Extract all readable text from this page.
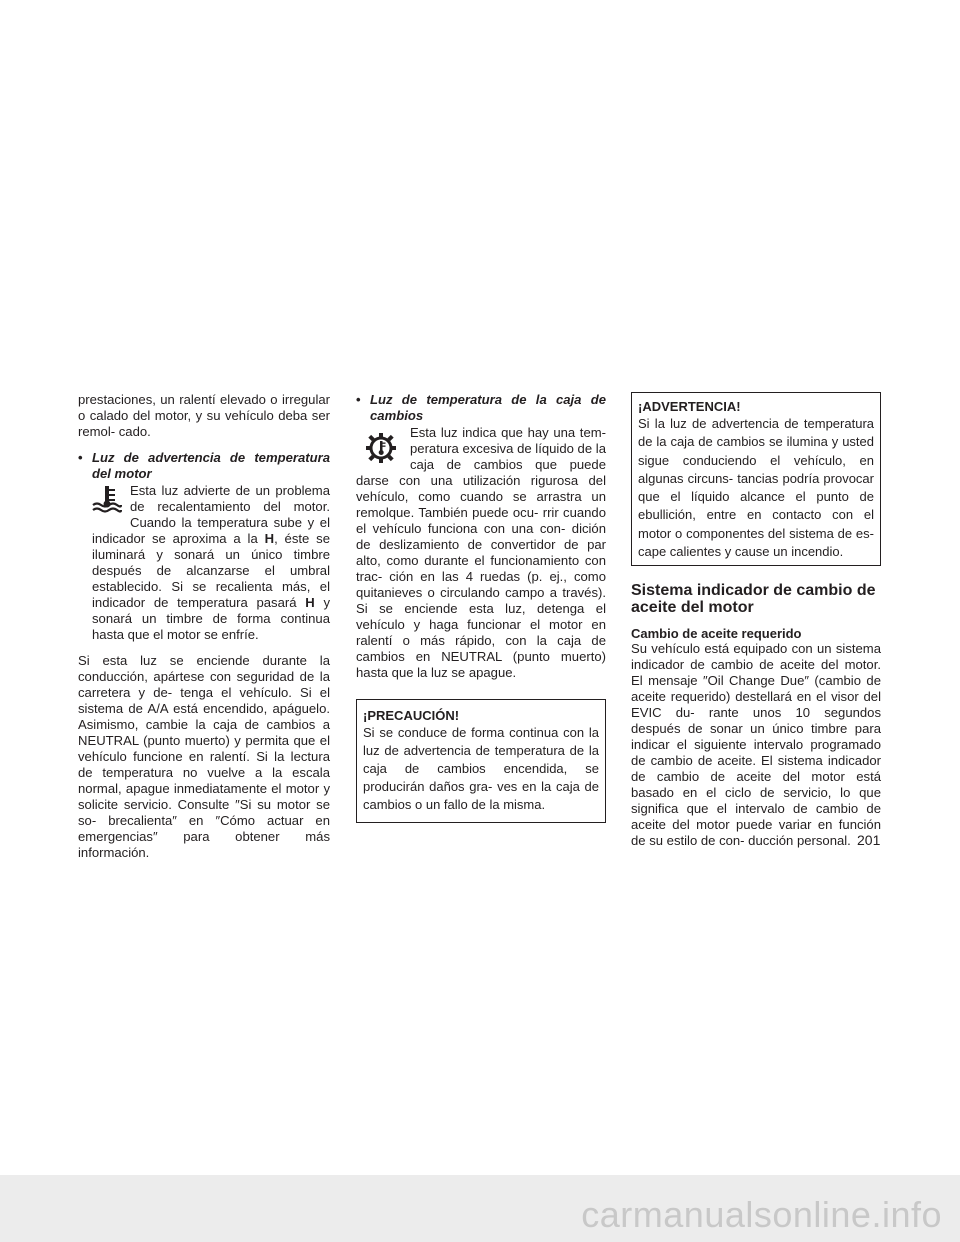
prestaciones, un ralentí elevado o irregular o calado del motor, y su vehículo deba ser remol- cado.

• Luz de advertencia de temperatura del motor

Esta luz advierte de un problema de recalentamiento del motor. Cuando la temperatura sube y el indicador se aproxima a la H, éste se iluminará y sonará un único timbre después de alcanzarse el umbral establecido. Si se recalienta más, el indicador de temperatura pasará H y sonará un timbre de forma continua hasta que el motor se enfríe.

Si esta luz se enciende durante la conducción, apártese con seguridad de la carretera y de- tenga el vehículo. Si el sistema de A/A está encendido, apáguelo. Asimismo, cambie la caja de cambios a NEUTRAL (punto muerto) y permita que el vehículo funcione en ralentí. Si la lectura de temperatura no vuelve a la escala normal, apague inmediatamente el motor y solicite servicio. Consulte ″Si su motor se so- brecalienta″ en ″Cómo actuar en emergencias″ para obtener más información.

• Luz de temperatura de la caja de cambios

Esta luz indica que hay una tem- peratura excesiva de líquido de la caja de cambios que puede darse con una utilización rigurosa del vehículo, como cuando se arrastra un remolque. También puede ocu- rrir cuando el vehículo funciona con una con- dición de deslizamiento de convertidor de par alto, como durante el funcionamiento con trac- ción en las 4 ruedas (p. ej., como quitanieves o circulando campo a través). Si se enciende esta luz, detenga el vehículo y haga funcionar el motor en ralentí o más rápido, con la caja de cambios en NEUTRAL (punto muerto) hasta que la luz se apague.

¡PRECAUCIÓN!
Si se conduce de forma continua con la luz de advertencia de temperatura de la caja de cambios encendida, se producirán daños gra- ves en la caja de cambios o un fallo de la misma.
¡ADVERTENCIA!
Si la luz de advertencia de temperatura de la caja de cambios se ilumina y usted sigue conduciendo el vehículo, en algunas circuns- tancias podría provocar que el líquido alcance el punto de ebullición, entre en contacto con el motor o componentes del sistema de es- cape calientes y cause un incendio.
Sistema indicador de cambio de aceite del motor
Cambio de aceite requerido

Su vehículo está equipado con un sistema indicador de cambio de aceite del motor. El mensaje ″Oil Change Due″ (cambio de aceite requerido) destellará en el visor del EVIC du- rante unos 10 segundos después de sonar un único timbre para indicar el siguiente intervalo programado de cambio de aceite. El sistema indicador de cambio de aceite del motor está basado en el ciclo de servicio, lo que significa que el intervalo de cambio de aceite del motor puede variar en función de su estilo de con- ducción personal. 201
carmanualsonline.info
